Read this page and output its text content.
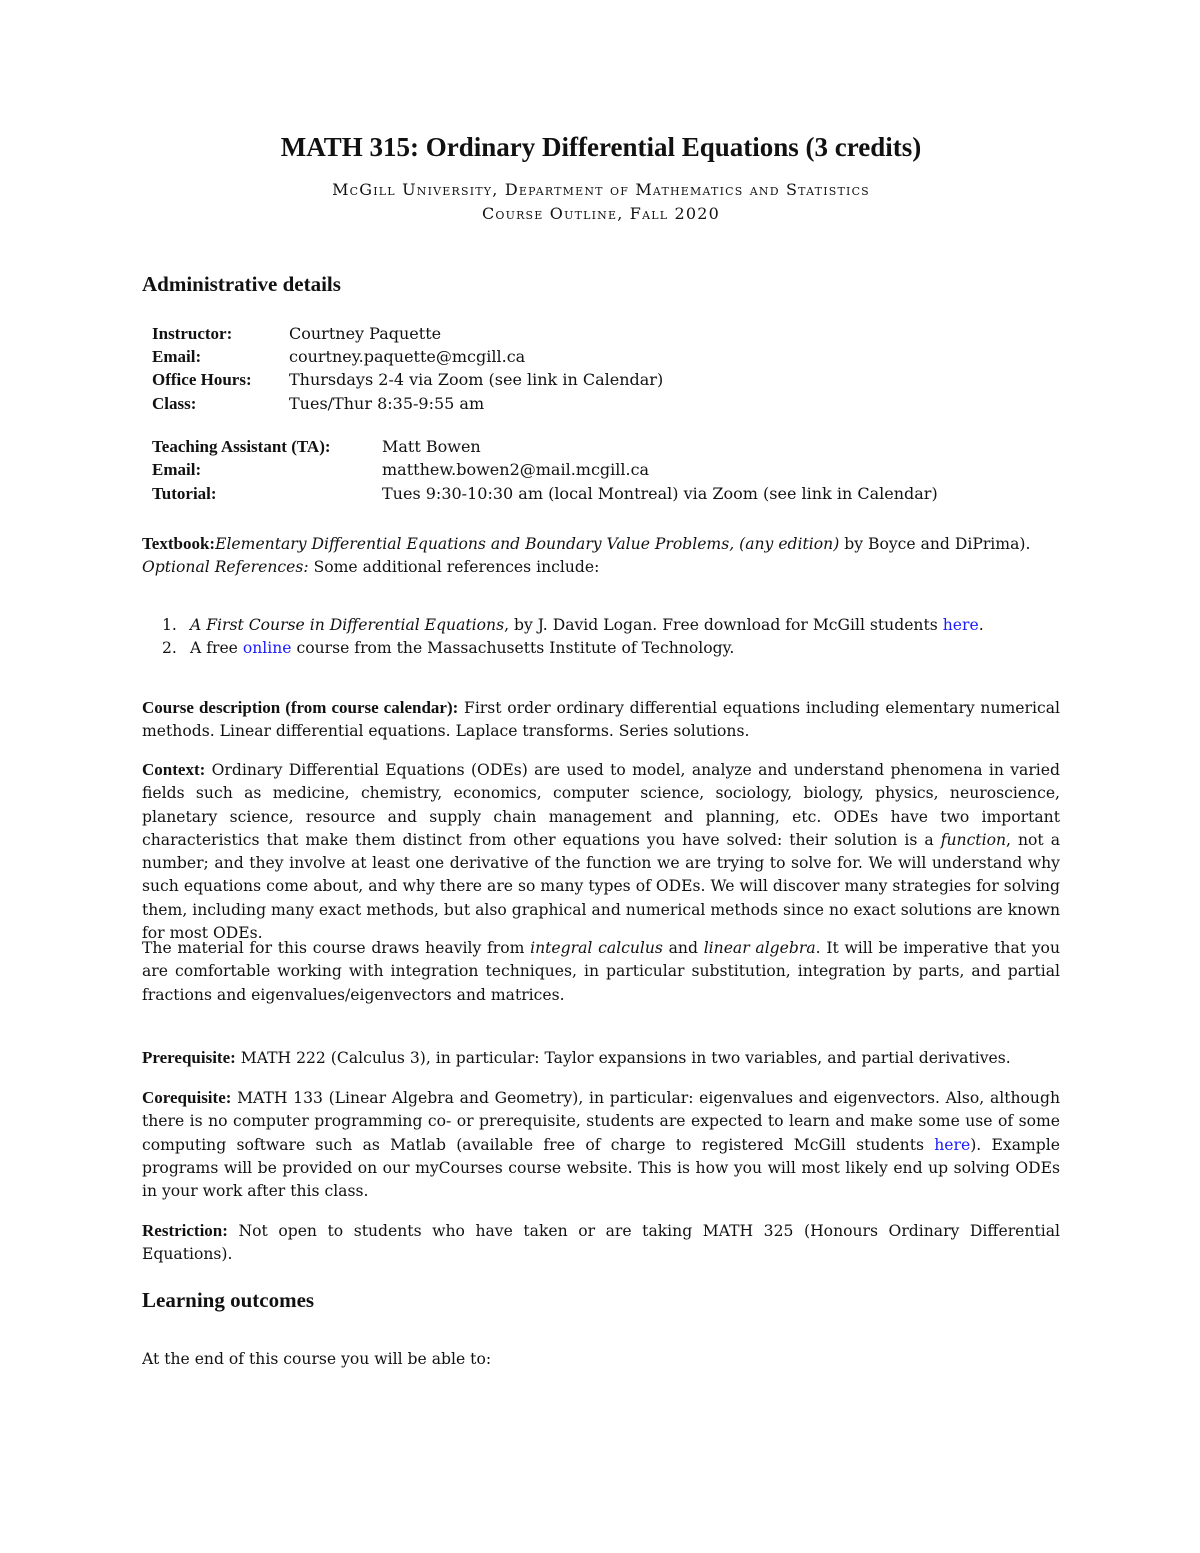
MATH 315: Ordinary Differential Equations (3 credits)
McGill University, Department of Mathematics and Statistics
Course Outline, Fall 2020
Administrative details
Instructor:	Courtney Paquette
Email:	courtney.paquette@mcgill.ca
Office Hours: Thursdays 2-4 via Zoom (see link in Calendar)
Class:	Tues/Thur 8:35-9:55 am
Teaching Assistant (TA):	Matt Bowen
Email:	matthew.bowen2@mail.mcgill.ca
Tutorial:	Tues 9:30-10:30 am (local Montreal) via Zoom (see link in Calendar)
Textbook:Elementary Differential Equations and Boundary Value Problems, (any edition) by Boyce and DiPrima).
Optional References: Some additional references include:
1. A First Course in Differential Equations, by J. David Logan. Free download for McGill students here.
2. A free online course from the Massachusetts Institute of Technology.
Course description (from course calendar): First order ordinary differential equations including elementary numerical methods. Linear differential equations. Laplace transforms. Series solutions.
Context: Ordinary Differential Equations (ODEs) are used to model, analyze and understand phenomena in varied fields such as medicine, chemistry, economics, computer science, sociology, biology, physics, neuroscience, planetary science, resource and supply chain management and planning, etc. ODEs have two important characteristics that make them distinct from other equations you have solved: their solution is a function, not a number; and they involve at least one derivative of the function we are trying to solve for. We will understand why such equations come about, and why there are so many types of ODEs. We will discover many strategies for solving them, including many exact methods, but also graphical and numerical methods since no exact solutions are known for most ODEs.
The material for this course draws heavily from integral calculus and linear algebra. It will be imperative that you are comfortable working with integration techniques, in particular substitution, integration by parts, and partial fractions and eigenvalues/eigenvectors and matrices.
Prerequisite: MATH 222 (Calculus 3), in particular: Taylor expansions in two variables, and partial derivatives.
Corequisite: MATH 133 (Linear Algebra and Geometry), in particular: eigenvalues and eigenvectors. Also, although there is no computer programming co- or prerequisite, students are expected to learn and make some use of some computing software such as Matlab (available free of charge to registered McGill students here). Example programs will be provided on our myCourses course website. This is how you will most likely end up solving ODEs in your work after this class.
Restriction: Not open to students who have taken or are taking MATH 325 (Honours Ordinary Differential Equations).
Learning outcomes
At the end of this course you will be able to:
